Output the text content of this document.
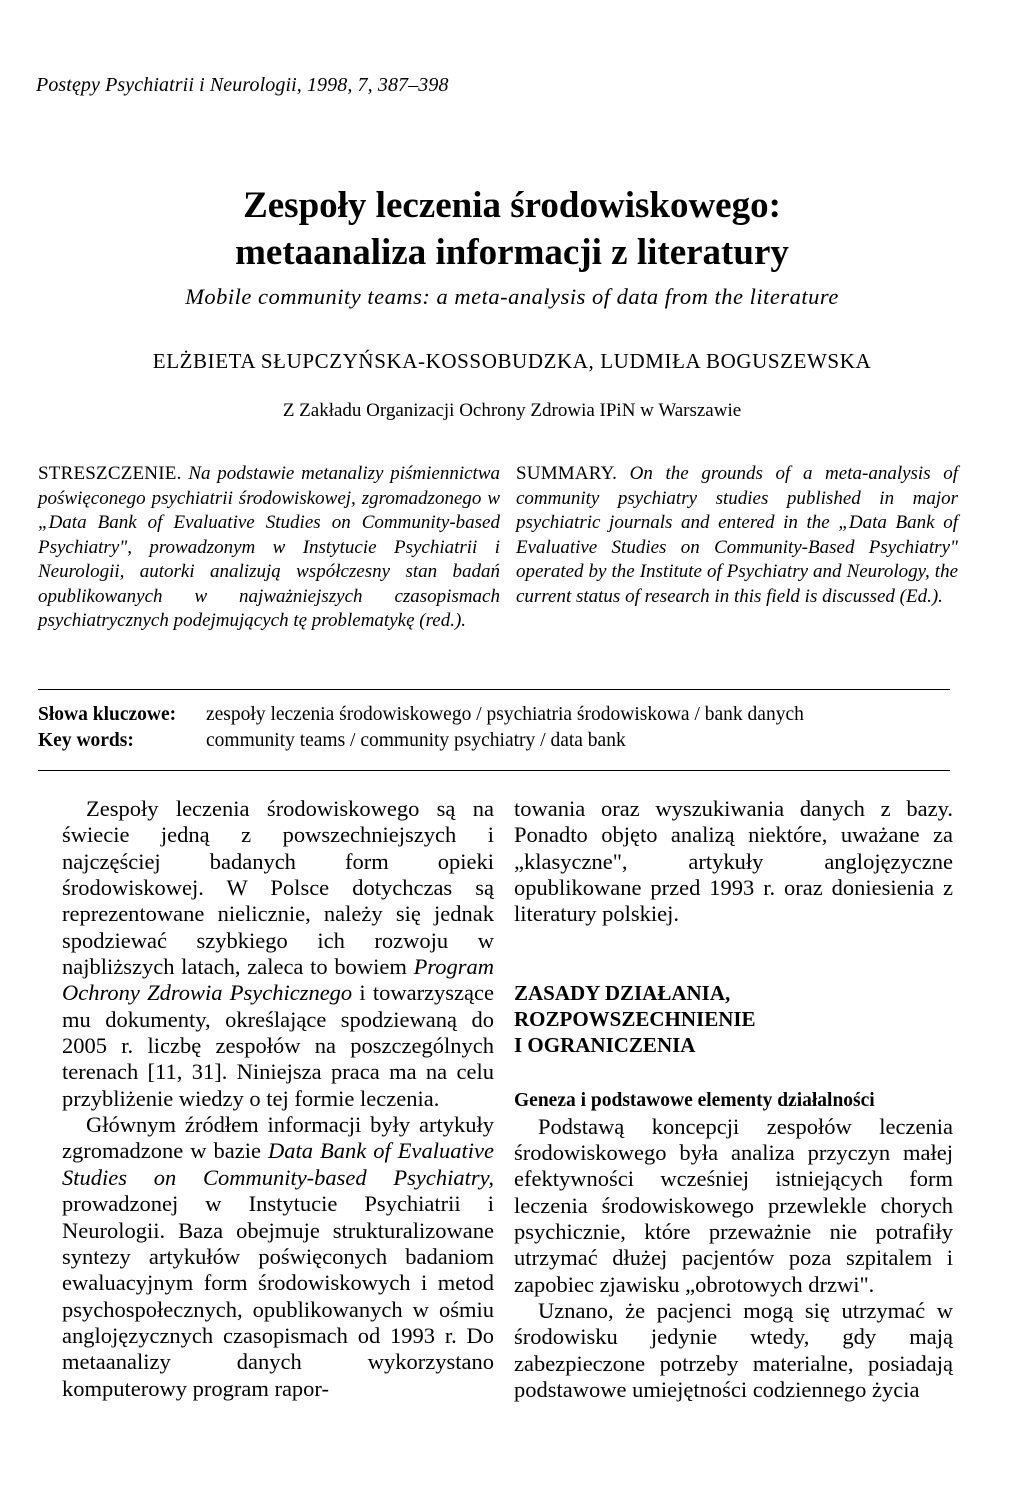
Postępy Psychiatrii i Neurologii, 1998, 7, 387–398
Zespoły leczenia środowiskowego:
metaanaliza informacji z literatury
Mobile community teams: a meta-analysis of data from the literature
ELŻBIETA SŁUPCZYŃSKA-KOSSOBUDZKA, LUDMIŁA BOGUSZEWSKA
Z Zakładu Organizacji Ochrony Zdrowia IPiN w Warszawie
STRESZCZENIE. Na podstawie metanalizy piśmiennictwa poświęconego psychiatrii środowiskowej, zgromadzonego w „Data Bank of Evaluative Studies on Community-based Psychiatry", prowadzonym w Instytucie Psychiatrii i Neurologii, autorki analizują współczesny stan badań opublikowanych w najważniejszych czasopismach psychiatrycznych podejmujących tę problematykę (red.).
SUMMARY. On the grounds of a meta-analysis of community psychiatry studies published in major psychiatric journals and entered in the „Data Bank of Evaluative Studies on Community-Based Psychiatry" operated by the Institute of Psychiatry and Neurology, the current status of research in this field is discussed (Ed.).
Słowa kluczowe: zespoły leczenia środowiskowego / psychiatria środowiskowa / bank danych
Key words:	community teams / community psychiatry / data bank

Zespoły leczenia środowiskowego są na świecie jedną z powszechniejszych i najczęściej badanych form opieki środowiskowej. W Polsce dotychczas są reprezentowane nielicznie, należy się jednak spodziewać szybkiego ich rozwoju w najbliższych latach, zaleca to bowiem Program Ochrony Zdrowia Psychicznego i towarzyszące mu dokumenty, określające spodziewaną do 2005 r. liczbę zespołów na poszczególnych terenach [11, 31]. Niniejsza praca ma na celu przybliżenie wiedzy o tej formie leczenia.

Głównym źródłem informacji były artykuły zgromadzone w bazie Data Bank of Evaluative Studies on Community-based Psychiatry, prowadzonej w Instytucie Psychiatrii i Neurologii. Baza obejmuje strukturalizowane syntezy artykułów poświęconych badaniom ewaluacyjnym form środowiskowych i metod psychospołecznych, opublikowanych w ośmiu anglojęzycznych czasopismach od 1993 r. Do metaanalizy danych wykorzystano komputerowy program rapor-

towania oraz wyszukiwania danych z bazy. Ponadto objęto analizą niektóre, uważane za „klasyczne", artykuły anglojęzyczne opublikowane przed 1993 r. oraz doniesienia z literatury polskiej.

ZASADY DZIAŁANIA,
ROZPOWSZECHNIENIE
I OGRANICZENIA

Geneza i podstawowe elementy działalności

Podstawą koncepcji zespołów leczenia środowiskowego była analiza przyczyn małej efektywności wcześniej istniejących form leczenia środowiskowego przewlekle chorych psychicznie, które przeważnie nie potrafiły utrzymać dłużej pacjentów poza szpitalem i zapobiec zjawisku „obrotowych drzwi".

Uznano, że pacjenci mogą się utrzymać w środowisku jedynie wtedy, gdy mają zabezpieczone potrzeby materialne, posiadają podstawowe umiejętności codziennego życia
